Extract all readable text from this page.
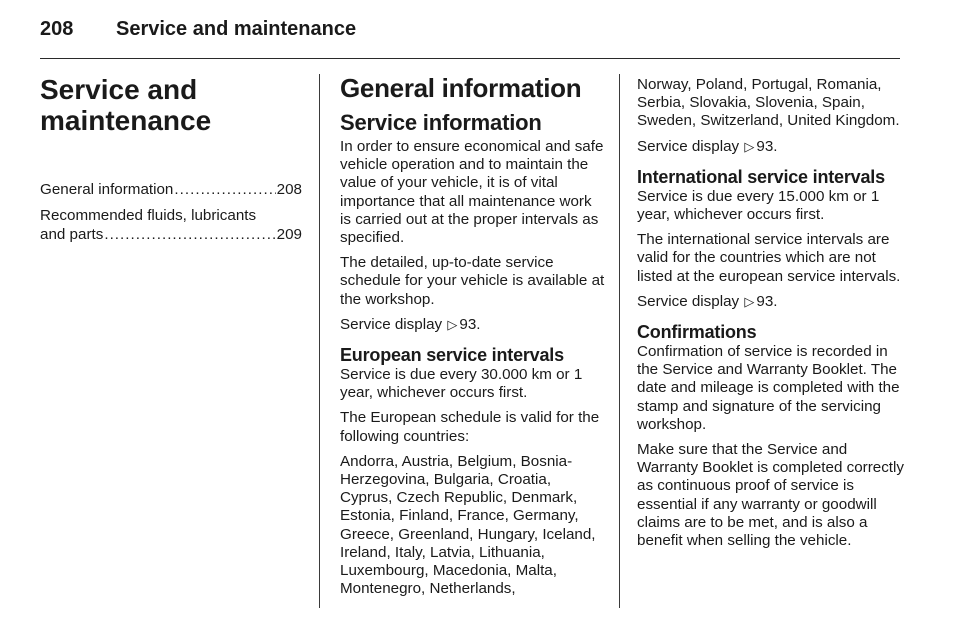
208 Service and maintenance
Service and
maintenance
General information . . .	208
Recommended fluids, lubricants
and parts . . .	209
General information
Service information

In order to ensure economical and safe vehicle operation and to maintain the value of your vehicle, it is of vital importance that all maintenance work is carried out at the proper intervals as specified.

The detailed, up-to-date service schedule for your vehicle is available at the workshop.

Service display ▷ 93.

European service intervals

Service is due every 30.000 km or 1 year, whichever occurs first.

The European schedule is valid for the following countries:

Andorra, Austria, Belgium, Bosnia-Herzegovina, Bulgaria, Croatia, Cyprus, Czech Republic, Denmark, Estonia, Finland, France, Germany, Greece, Greenland, Hungary, Iceland, Ireland, Italy, Latvia, Lithuania, Luxembourg, Macedonia, Malta, Montenegro, Netherlands,

Norway, Poland, Portugal, Romania, Serbia, Slovakia, Slovenia, Spain, Sweden, Switzerland, United Kingdom.

Service display ▷ 93.

International service intervals

Service is due every 15.000 km or 1 year, whichever occurs first.

The international service intervals are valid for the countries which are not listed at the european service intervals.

Service display ▷ 93.

Confirmations

Confirmation of service is recorded in the Service and Warranty Booklet. The date and mileage is completed with the stamp and signature of the servicing workshop.

Make sure that the Service and Warranty Booklet is completed correctly as continuous proof of service is essential if any warranty or goodwill claims are to be met, and is also a benefit when selling the vehicle.
